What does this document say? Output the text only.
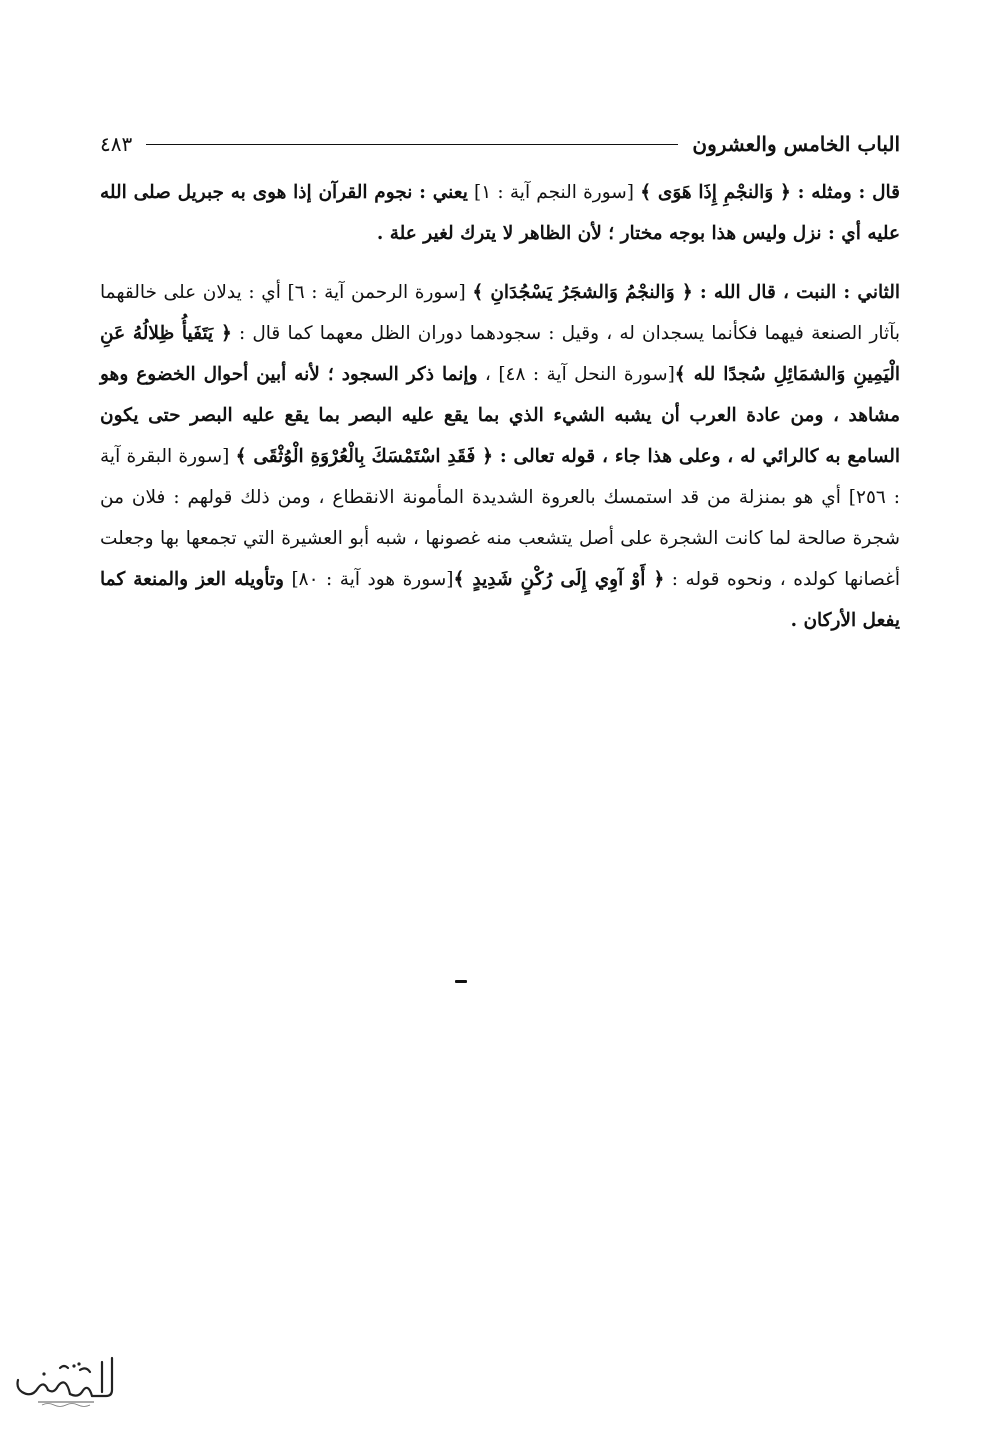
الباب الخامس والعشرون
٤٨٣

قال : ومثله : ﴿ وَالنجْمِ إِذَا هَوَى ﴾ [سورة النجم آية : ١] يعني : نجوم القرآن إذا هوى به جبريل صلى الله عليه أي : نزل وليس هذا بوجه مختار ؛ لأن الظاهر لا يترك لغير علة .

الثاني : النبت ، قال الله : ﴿ وَالنجْمُ وَالشجَرُ يَسْجُدَانِ ﴾ [سورة الرحمن آية : ٦] أي : يدلان على خالقهما بآثار الصنعة فيهما فكأنما يسجدان له ، وقيل : سجودهما دوران الظل معهما كما قال : ﴿ يَتَفَيأُ ظِلالُهُ عَنِ الْيَمِينِ وَالشمَائِلِ سُجدًا لله ﴾[سورة النحل آية : ٤٨] ، وإنما ذكر السجود ؛ لأنه أبين أحوال الخضوع وهو مشاهد ، ومن عادة العرب أن يشبه الشيء الذي بما يقع عليه البصر بما يقع عليه البصر حتى يكون السامع به كالرائي له ، وعلى هذا جاء ، قوله تعالى : ﴿ فَقَدِ اسْتَمْسَكَ بِالْعُرْوَةِ الْوُثْقَى ﴾ [سورة البقرة آية : ٢٥٦] أي هو بمنزلة من قد استمسك بالعروة الشديدة المأمونة الانقطاع ، ومن ذلك قولهم : فلان من شجرة صالحة لما كانت الشجرة على أصل يتشعب منه غصونها ، شبه أبو العشيرة التي تجمعها بها وجعلت أغصانها كولده ، ونحوه قوله : ﴿ أَوْ آوِي إِلَى رُكْنٍ شَدِيدٍ ﴾[سورة هود آية : ٨٠] وتأويله العز والمنعة كما يفعل الأركان .
